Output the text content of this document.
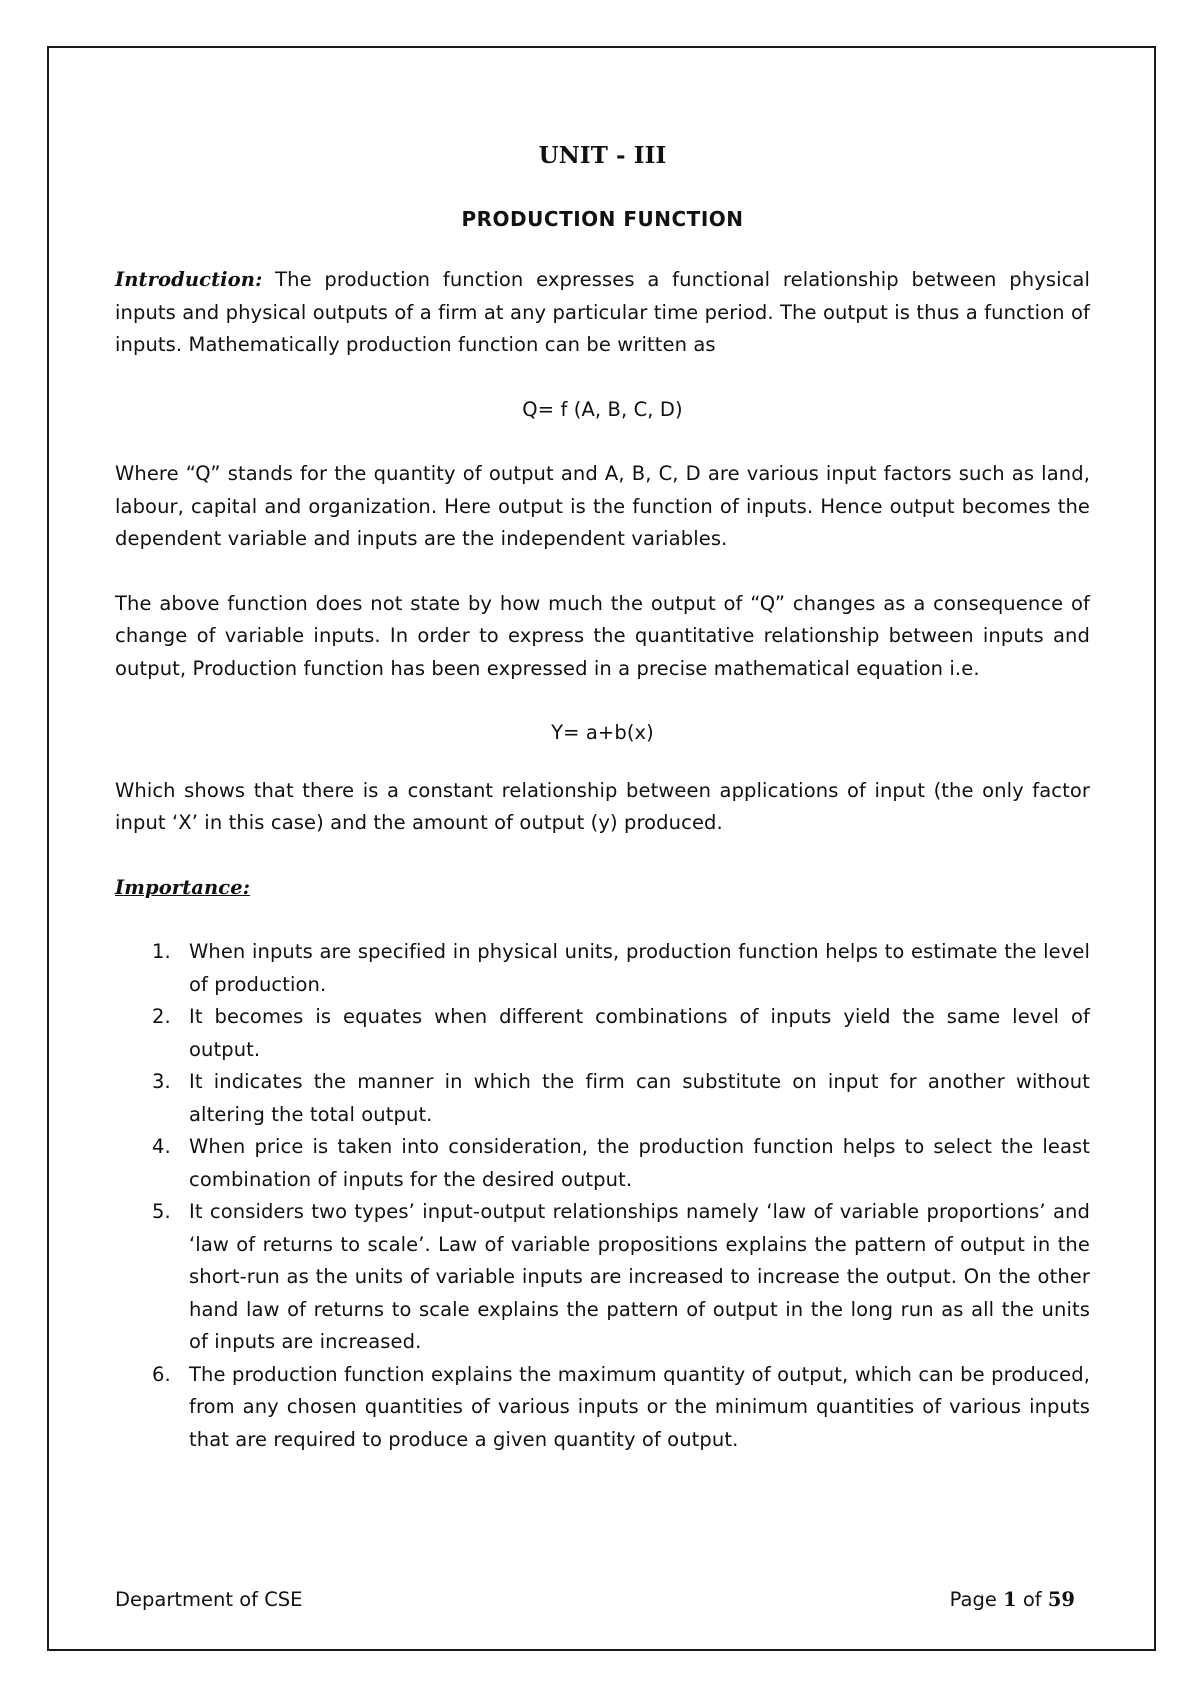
UNIT - III
PRODUCTION FUNCTION

Introduction: The production function expresses a functional relationship between physical inputs and physical outputs of a firm at any particular time period. The output is thus a function of inputs. Mathematically production function can be written as

Q= f (A, B, C, D)

Where “Q” stands for the quantity of output and A, B, C, D are various input factors such as land, labour, capital and organization. Here output is the function of inputs. Hence output becomes the dependent variable and inputs are the independent variables.

The above function does not state by how much the output of “Q” changes as a consequence of change of variable inputs. In order to express the quantitative relationship between inputs and output, Production function has been expressed in a precise mathematical equation i.e.

Y= a+b(x)

Which shows that there is a constant relationship between applications of input (the only factor input ‘X’ in this case) and the amount of output (y) produced.

Importance:

1. When inputs are specified in physical units, production function helps to estimate the level of production.
2. It becomes is equates when different combinations of inputs yield the same level of output.
3. It indicates the manner in which the firm can substitute on input for another without altering the total output.
4. When price is taken into consideration, the production function helps to select the least combination of inputs for the desired output.
5. It considers two types’ input-output relationships namely ‘law of variable proportions’ and ‘law of returns to scale’. Law of variable propositions explains the pattern of output in the short-run as the units of variable inputs are increased to increase the output. On the other hand law of returns to scale explains the pattern of output in the long run as all the units of inputs are increased.
6. The production function explains the maximum quantity of output, which can be produced, from any chosen quantities of various inputs or the minimum quantities of various inputs that are required to produce a given quantity of output.
Department of CSE	Page 1 of 59
